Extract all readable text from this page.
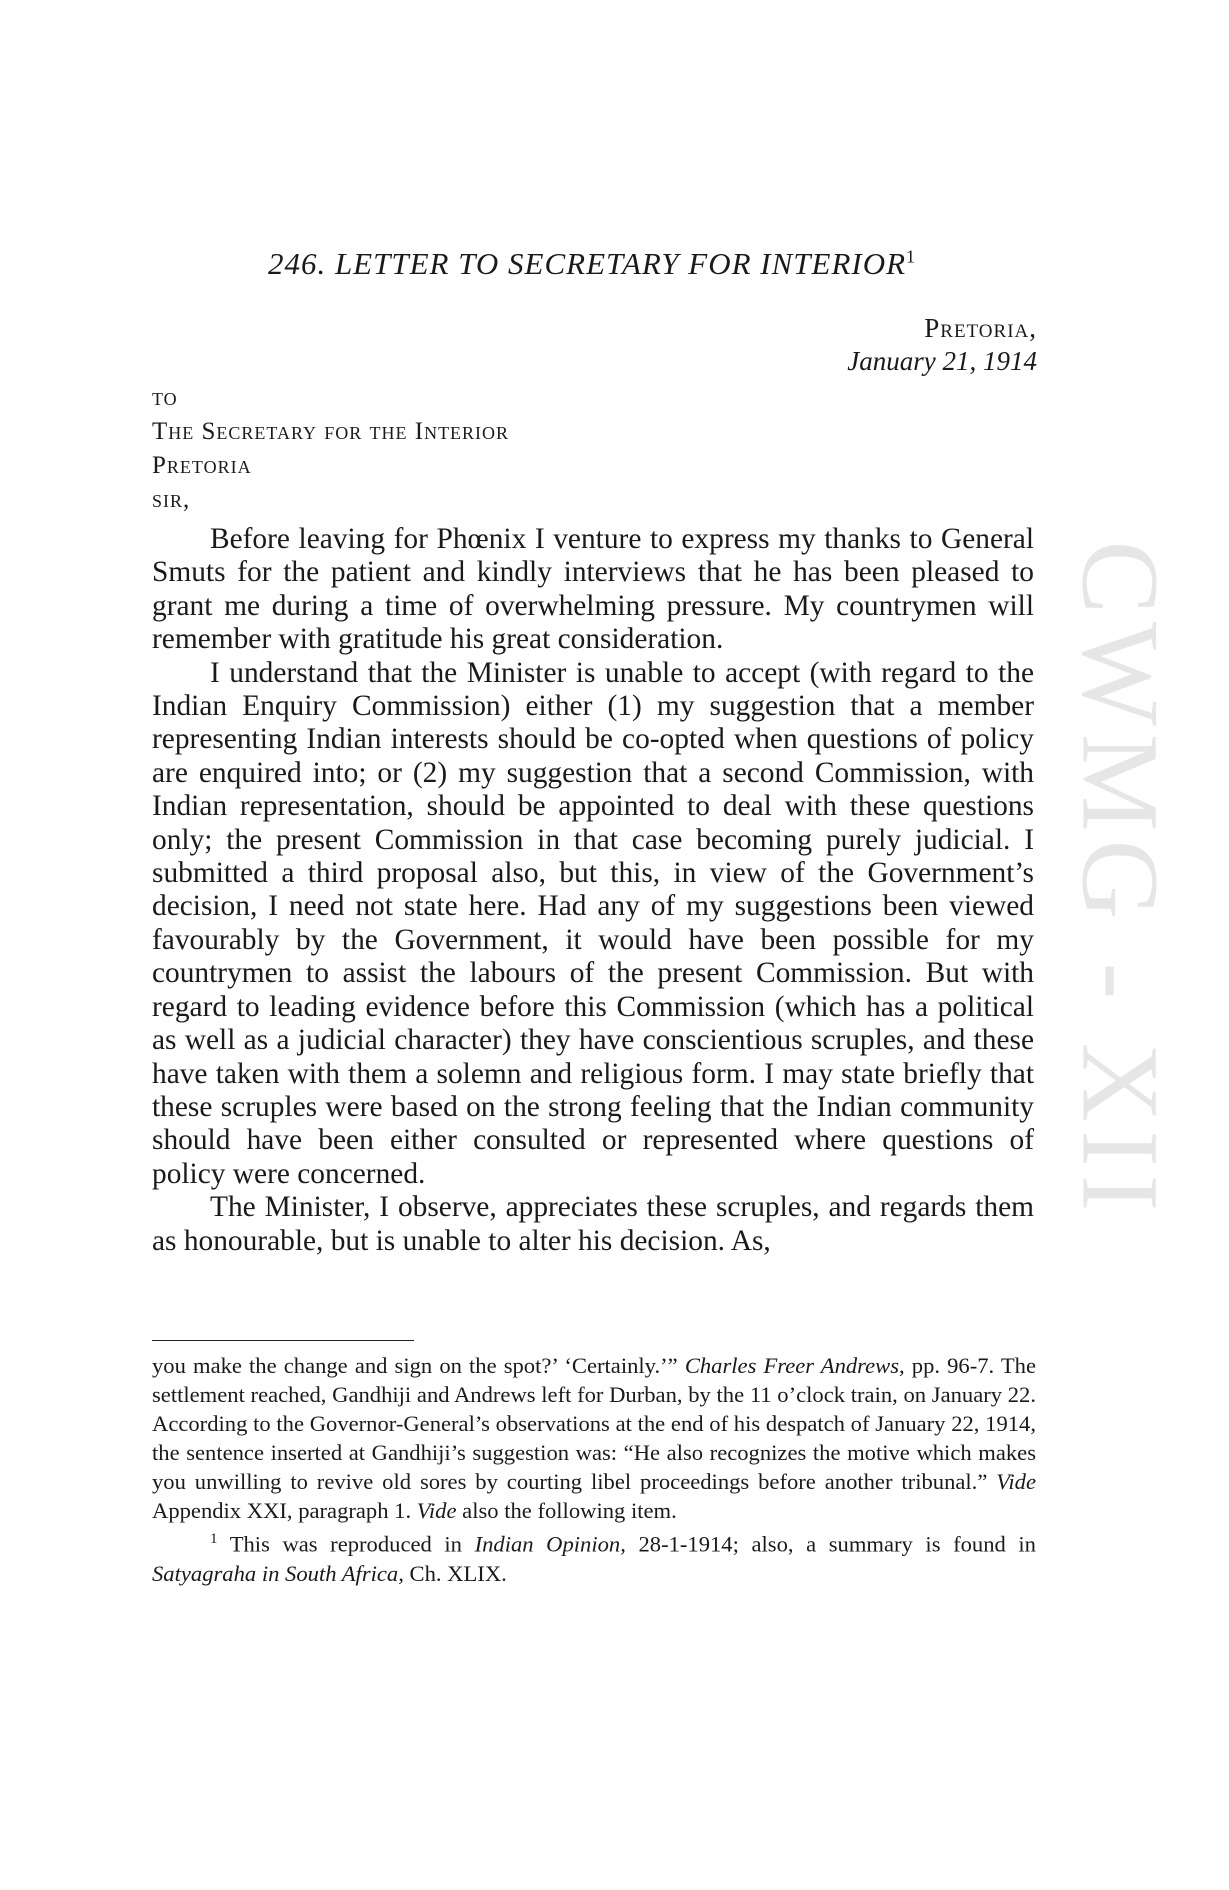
246. LETTER TO SECRETARY FOR INTERIOR$^1$
Pretoria,
January 21, 1914
to
The Secretary for the Interior
Pretoria
sir,

Before leaving for Phœnix I venture to express my thanks to General Smuts for the patient and kindly interviews that he has been pleased to grant me during a time of overwhelming pressure. My countrymen will remember with gratitude his great consideration.

I understand that the Minister is unable to accept (with regard to the Indian Enquiry Commission) either (1) my suggestion that a member representing Indian interests should be co-opted when questions of policy are enquired into; or (2) my suggestion that a second Commission, with Indian representation, should be appointed to deal with these questions only; the present Commission in that case becoming purely judicial. I submitted a third proposal also, but this, in view of the Government’s decision, I need not state here. Had any of my suggestions been viewed favourably by the Government, it would have been possible for my countrymen to assist the labours of the present Commission. But with regard to leading evidence before this Commission (which has a political as well as a judicial character) they have conscientious scruples, and these have taken with them a solemn and religious form. I may state briefly that these scruples were based on the strong feeling that the Indian community should have been either consulted or represented where questions of policy were concerned.

The Minister, I observe, appreciates these scruples, and regards them as honourable, but is unable to alter his decision. As,

you make the change and sign on the spot?’ ‘Certainly.’” Charles Freer Andrews, pp. 96-7. The settlement reached, Gandhiji and Andrews left for Durban, by the 11 o’clock train, on January 22. According to the Governor-General’s observations at the end of his despatch of January 22, 1914, the sentence inserted at Gandhiji’s suggestion was: “He also recognizes the motive which makes you unwilling to revive old sores by courting libel proceedings before another tribunal.” Vide Appendix XXI, paragraph 1. Vide also the following item.

$^1$ This was reproduced in Indian Opinion, 28-1-1914; also, a summary is found in Satyagraha in South Africa, Ch. XLIX.

CWMG - XII
